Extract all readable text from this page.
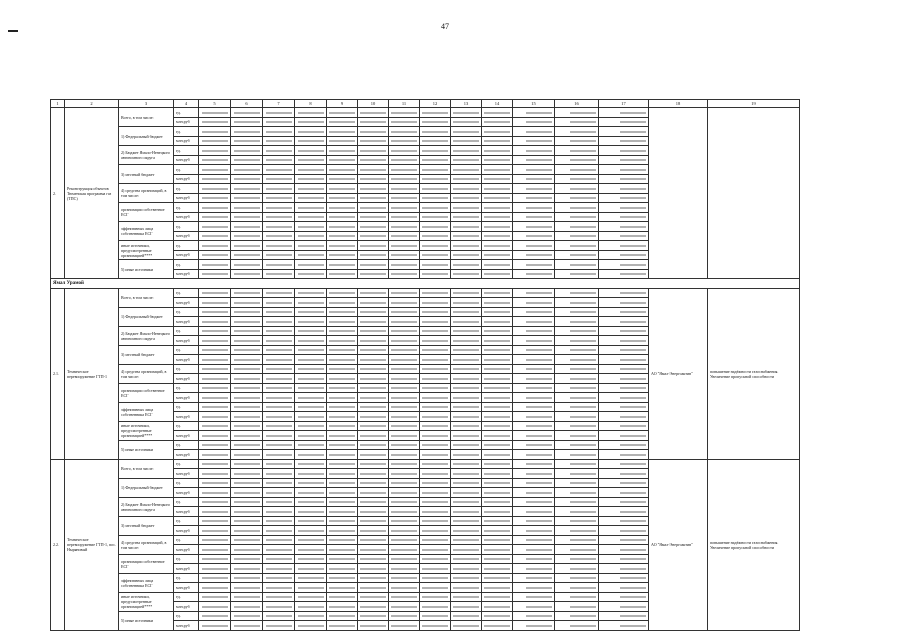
47
1	2	3	4	5	6	7	8	9	10	11	12	13	14	15	16	17	18	19
2.	Реконструкция объектов Тюменская программа газ (ТПС)	Всего, в том числе:	ед.															
			млн.руб															
		1) Федеральный бюджет	ед.															
			млн.руб															
		2) Бюджет Ямало-Ненецкого автономного округа	ед.															
			млн.руб															
		3) местный бюджет	ед.															
			млн.руб															
		4) средства организаций, в том числе:	ед.															
			млн.руб															
		организации собственное ЕСГ	ед.															
			млн.руб															
		эффективных лица собственника ЕСГ	ед.															
			млн.руб															
		иные источники, предусмотренные организацией****	ед.															
			млн.руб															
		5) иные источники	ед.															
			млн.руб															
Ямал Урамой																		
2.1.	Техническое перевооружение ГТП-1	Всего, в том числе:	ед.														АО "Ямал-Энергоактив"	повышение надёжности газоснабжения. Увеличение пропускной способности
			млн.руб															
		1) Федеральный бюджет	ед.															
			млн.руб															
		2) Бюджет Ямало-Ненецкого автономного округа	ед.															
			млн.руб															
		3) местный бюджет	ед.															
			млн.руб															
		4) средства организаций, в том числе:	ед.															
			млн.руб															
		организации собственное ЕСГ	ед.															
			млн.руб															
		эффективных лица собственника ЕСГ	ед.															
			млн.руб															
		иные источники, предусмотренные организацией****	ед.															
			млн.руб															
		5) иные источники	ед.															
			млн.руб															
2.2.	Техническое перевооружение ГТП-1, пос. Ныряновый	Всего, в том числе:	ед.														АО "Ямал-Энергоактив"	повышение надёжности газоснабжения. Увеличение пропускной способности
			млн.руб															
		1) Федеральный бюджет	ед.															
			млн.руб															
		2) Бюджет Ямало-Ненецкого автономного округа	ед.															
			млн.руб															
		3) местный бюджет	ед.															
			млн.руб															
		4) средства организаций, в том числе:	ед.															
			млн.руб															
		организации собственное ЕСГ	ед.															
			млн.руб															
		эффективных лица собственника ЕСГ	ед.															
			млн.руб															
		иные источники, предусмотренные организацией****	ед.															
			млн.руб															
		5) иные источники	ед.															
			млн.руб															
